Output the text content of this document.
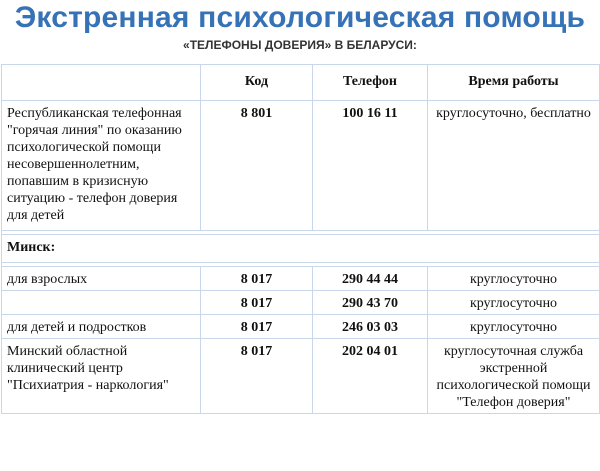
Экстренная психологическая помощь
«ТЕЛЕФОНЫ ДОВЕРИЯ» В БЕЛАРУСИ:
	Код	Телефон	Время работы
Республиканская телефонная "горячая линия" по оказанию психологической помощи несовершеннолетним, попавшим в кризисную ситуацию - телефон доверия для детей	8 801	100 16 11	круглосуточно, бесплатно

Минск:			

для взрослых	8 017	290 44 44	круглосуточно
	8 017	290 43 70	круглосуточно
для детей и подростков	8 017	246 03 03	круглосуточно
Минский областной клинический центр "Психиатрия - наркология"	8 017	202 04 01	круглосуточная служба экстренной психологической помощи "Телефон доверия"
